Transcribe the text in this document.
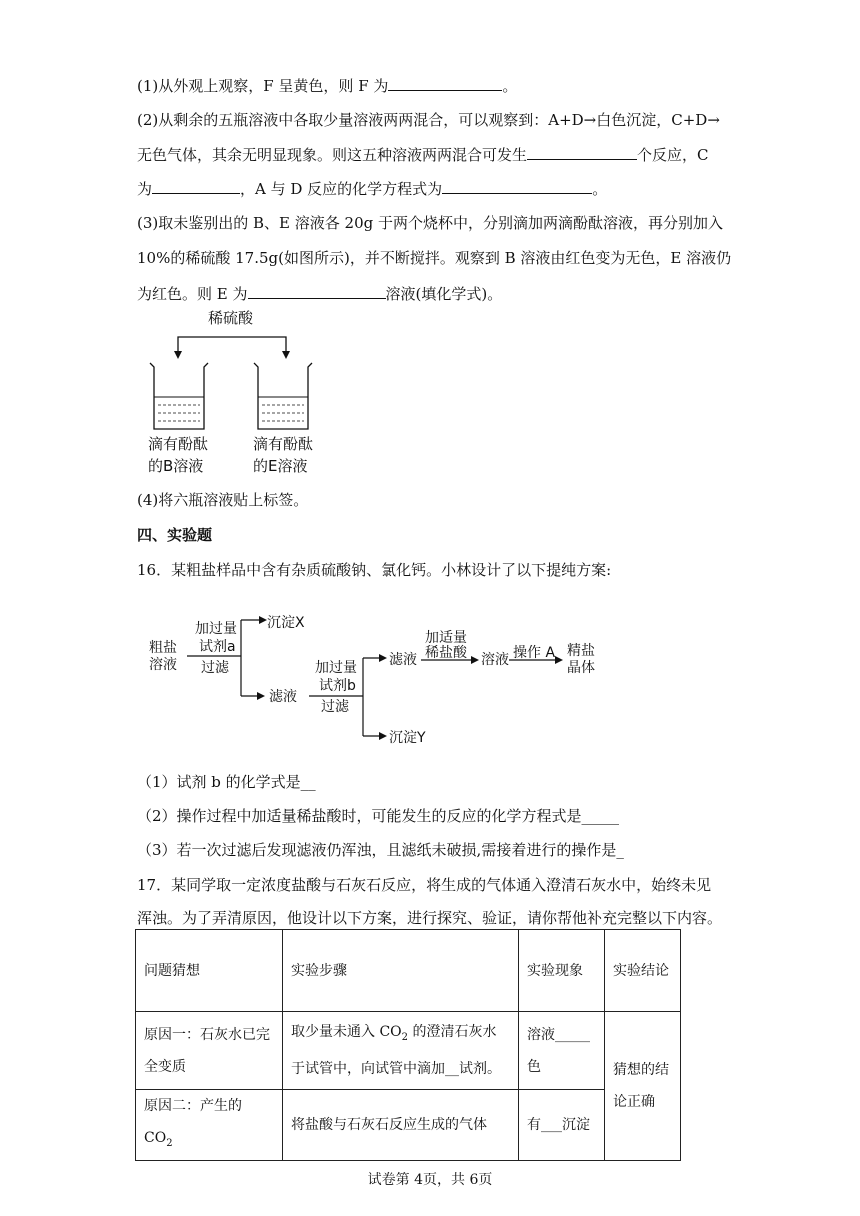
(1)从外观上观察，F 呈黄色，则 F 为	。
(2)从剩余的五瓶溶液中各取少量溶液两两混合，可以观察到：A+D→白色沉淀，C+D→
无色气体，其余无明显现象。则这五种溶液两两混合可发生	个反应，C
为	，A 与 D 反应的化学方程式为	。
(3)取未鉴别出的 B、E 溶液各 20g 于两个烧杯中，分别滴加两滴酚酞溶液，再分别加入
10%的稀硫酸 17.5g(如图所示)，并不断搅拌。观察到 B 溶液由红色变为无色，E 溶液仍
为红色。则 E 为	溶液(填化学式)。
稀硫酸
滴有酚酞
的B溶液
滴有酚酞
的E溶液
(4)将六瓶溶液贴上标签。
四、实验题
16．某粗盐样品中含有杂质硫酸钠、氯化钙。小林设计了以下提纯方案:
粗盐
溶液
加过量
试剂a
过滤
沉淀X
滤液
加过量
试剂b
过滤
滤液
沉淀Y
加适量
稀盐酸 溶液 操作 A 精盐
晶体
（1）试剂 b 的化学式是__
（2）操作过程中加适量稀盐酸时，可能发生的反应的化学方程式是_____
（3）若一次过滤后发现滤液仍浑浊，且滤纸未破损,需接着进行的操作是_
17．某同学取一定浓度盐酸与石灰石反应，将生成的气体通入澄清石灰水中，始终未见
浑浊。为了弄清原因，他设计以下方案，进行探究、验证，请你帮他补充完整以下内容。
问题猜想	实验步骤	实验现象	实验结论
原因一：石灰水已完全变质	取少量未通入 $CO_2$ 的澄清石灰水于试管中，向试管中滴加__试剂。	溶液_____色	猜想的结论正确
原因二：产生的 $CO_2$	将盐酸与石灰石反应生成的气体	有___沉淀	
试卷第 4页，共 6页
